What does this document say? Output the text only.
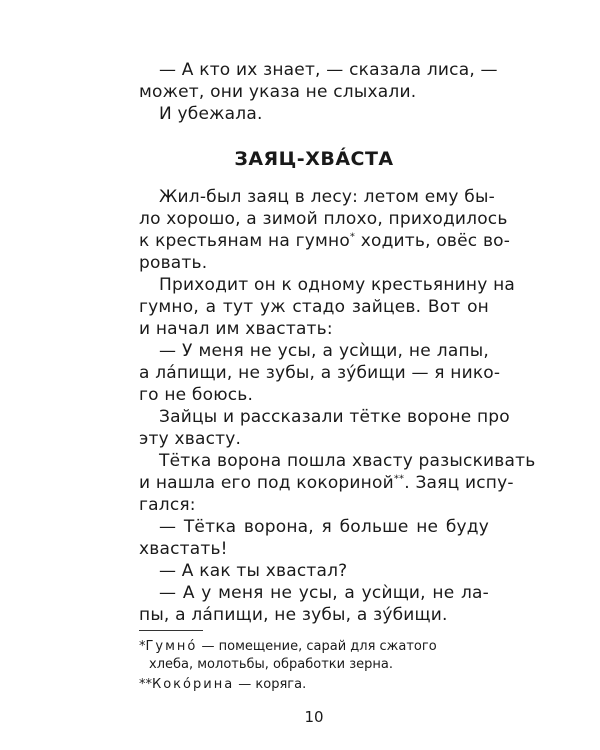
— А кто их знает, — сказала лиса, —
может, они указа не слыхали.
И убежала.
ЗАЯЦ-ХВÁСТА
Жил-был заяц в лесу: летом ему бы-
ло хорошо, а зимой плохо, приходилось
к крестьянам на гумно* ходить, овёс во-
ровать.
Приходит он к одному крестьянину на
гумно, а тут уж стадо зайцев. Вот он
и начал им хвастать:
— У меня не усы, а усѝщи, не лапы,
а лáпищи, не зубы, а зýбищи — я нико-
го не боюсь.
Зайцы и рассказали тётке вороне про
эту хвасту.
Тётка ворона пошла хвасту разыскивать
и нашла его под кокориной**. Заяц испу-
гался:
— Тётка ворона, я больше не буду
хвастать!
— А как ты хвастал?
— А у меня не усы, а усѝщи, не ла-
пы, а лáпищи, не зубы, а зýбищи.
*Гумнó — помещение, сарай для сжатого
хлеба, молотьбы, обработки зерна.
**Кокóрина — коряга.
10
